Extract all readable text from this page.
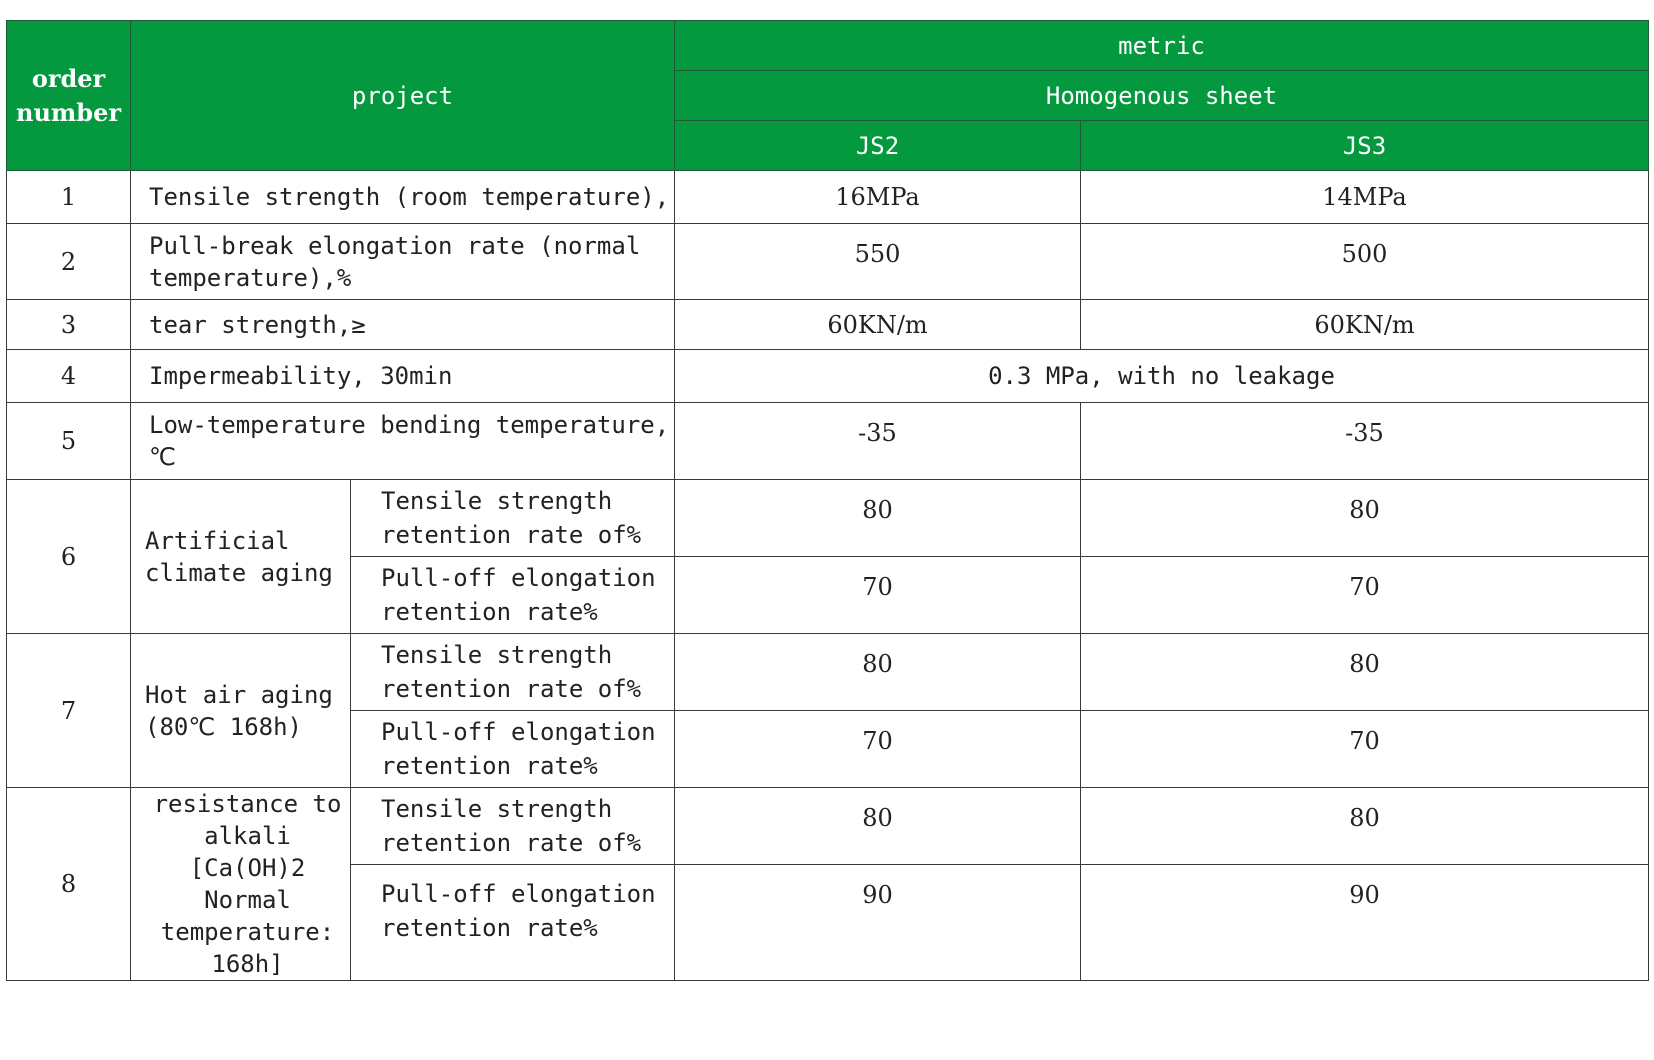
order number	project		metric	
			Homogenous sheet	
			JS2	JS3
1	Tensile strength (room temperature),		16MPa	14MPa
2	Pull-break elongation rate (normal temperature),%		550	500
3	tear strength,≥		60KN/m	60KN/m
4	Impermeability, 30min		0.3 MPa, with no leakage	
5	Low-temperature bending temperature, ℃		-35	-35
6	Artificial climate aging	Tensile strength retention rate of%	80	80
		Pull-off elongation retention rate%	70	70
7	Hot air aging (80℃ 168h)	Tensile strength retention rate of%	80	80
		Pull-off elongation retention rate%	70	70
8	resistance to alkali [Ca(OH)2 Normal temperature: 168h]	Tensile strength retention rate of%	80	80
		Pull-off elongation retention rate%	90	90
